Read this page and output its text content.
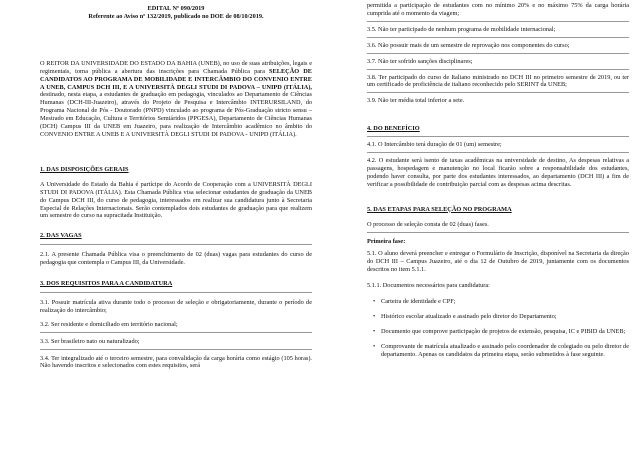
EDITAL Nº 090/2019

Referente ao Aviso nº 132/2019, publicado no DOE de 08/10/2019.

O REITOR DA UNIVERSIDADE DO ESTADO DA BAHIA (UNEB), no uso de suas atribuições, legais e regimentais, torna pública a abertura das inscrições para Chamada Pública para SELEÇÃO DE CANDIDATOS AO PROGRAMA DE MOBILIDADE E INTERCÂMBIO DO CONVENIO ENTRE A UNEB, CAMPUS DCH III, E A UNIVERSITÀ DEGLI STUDI DI PADOVA – UNIPD (ITÁLIA), destinado, nesta etapa, a estudantes de graduação em pedagogia, vinculados ao Departamento de Ciências Humanas (DCH-III-Juazeiro), através do Projeto de Pesquisa e Intercâmbio INTERURSILAND, do Programa Nacional de Pós - Doutorado (PNPD) vinculado ao programa de Pós-Graduação stricto sensu – Mestrado em Educação, Cultura e Territórios Semiáridos (PPGESA), Departamento de Ciências Humanas (DCH) Campus III da UNEB em Juazeiro, para realização de Intercâmbio acadêmico no âmbito do CONVENIO ENTRE A UNEB E A UNIVERSITÀ DEGLI STUDI DI PADOVA - UNIPD (ITÁLIA).

1. DAS DISPOSIÇÕES GERAIS

A Universidade do Estado da Bahia é partícipe do Acordo de Cooperação com a UNIVERSITÀ DEGLI STUDI DI PADOVA (ITÁLIA). Esta Chamada Pública visa selecionar estudantes de graduação da UNEB do Campus DCH III, do curso de pedagogia, interessados em realizar sua candidatura junto à Secretaria Especial de Relações Internacionais. Serão contemplados dois estudantes de graduação para que realizem um semestre do curso na supracitada Instituição.

2. DAS VAGAS

2.1. A presente Chamada Pública visa o preenchimento de 02 (duas) vagas para estudantes do curso de pedagogia que contempla o Campus III, da Universidade.

3. DOS REQUISITOS PARA A CANDIDATURA

3.1. Possuir matrícula ativa durante todo o processo de seleção e obrigatoriamente, durante o período de realização do intercâmbio;

3.2. Ser residente e domiciliado em território nacional;

3.3. Ser brasileiro nato ou naturalizado;

3.4. Ter integralizado até o terceiro semestre, para convalidação da carga horária como estágio (105 horas). Não havendo inscritos e selecionados com estes requisitos, será

permitida a participação de estudantes com no mínimo 20% e no máximo 75% da carga horária cumprida até o momento da viagem;

3.5. Não ter participado de nenhum programa de mobilidade internacional;

3.6. Não possuir mais de um semestre de reprovação nos componentes do curso;

3.7. Não ter sofrido sanções disciplinares;

3.8. Ter participado do curso de Italiano ministrado no DCH III no primeiro semestre de 2019, ou ter um certificado de proficiência de italiano reconhecido pelo SERINT da UNEB;

3.9. Não ter média total inferior a sete.

4. DO BENEFÍCIO

4.1. O Intercâmbio terá duração de 01 (um) semestre;

4.2. O estudante será isento de taxas acadêmicas na universidade de destino, As despesas relativas a passagens, hospedagem e manutenção no local ficarão sobre a responsabilidade dos estudantes, podendo haver consulta, por parte dos estudantes interessados, ao departamento (DCH III) a fim de verificar a possibilidade de contribuição parcial com as despesas acima descritas.

5. DAS ETAPAS PARA SELEÇÃO NO PROGRAMA

O processo de seleção consta de 02 (duas) fases.

Primeira fase:

5.1. O aluno deverá preencher e entregar o Formulário de Inscrição, disponível na Secretaria da direção do DCH III – Campus Juazeiro, até o dia 12 de Outubro de 2019, juntamente com os documentos descritos no item 5.1.1.

5.1.1. Documentos necessários para candidatura:

• Carteira de identidade e CPF;
• Histórico escolar atualizado e assinado pelo diretor do Departamento;
• Documento que comprove participação de projetos de extensão, pesquisa, IC e PIBID da UNEB;
• Comprovante de matrícula atualizado e assinado pelo coordenador de colegiado ou pelo diretor de departamento. Apenas os candidatos da primeira etapa, serão submetidos à fase seguinte.
